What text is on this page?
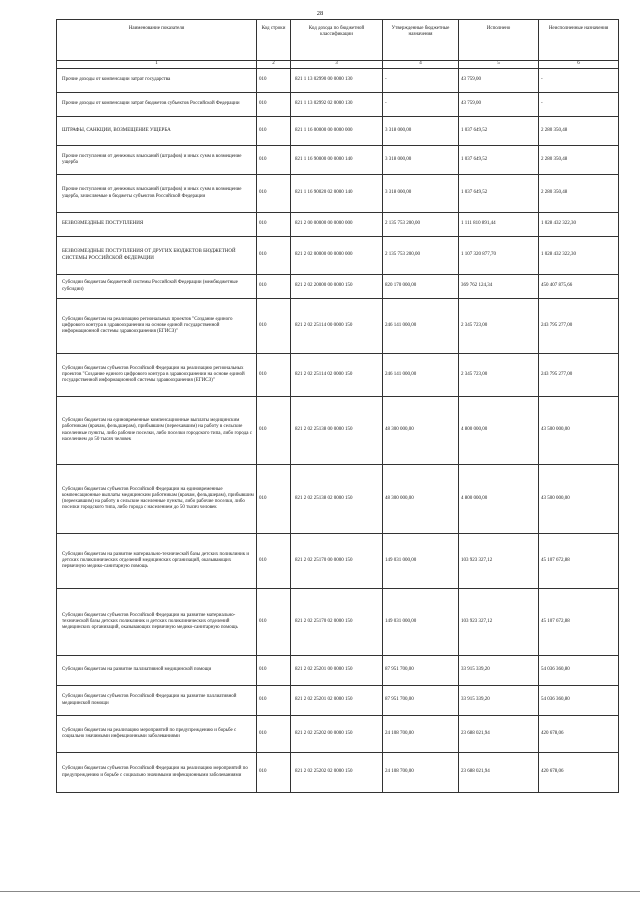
28
Наименование показателя	Код строки	Код дохода по бюджетной классификации	Утвержденные бюджетные назначения	Исполнено	Неисполненные назначения
1	2	3	4	5	6
Прочие доходы от компенсации затрат государства	010	821 1 13 02990 00 0000 130	-	43 759,00	-
Прочие доходы от компенсации затрат бюджетов субъектов Российской Федерации	010	821 1 13 02992 02 0000 130	-	43 759,00	-
ШТРАФЫ, САНКЦИИ, ВОЗМЕЩЕНИЕ УЩЕРБА	010	821 1 16 00000 00 0000 000	3 318 000,00	1 037 649,52	2 280 350,48
Прочие поступления от денежных взысканий (штрафов) и иных сумм в возмещение ущерба	010	821 1 16 90000 00 0000 140	3 318 000,00	1 037 649,52	2 280 350,48
Прочие поступления от денежных взысканий (штрафов) и иных сумм в возмещение ущерба, зачисляемые в бюджеты субъектов Российской Федерации	010	821 1 16 90020 02 0000 140	3 318 000,00	1 037 649,52	2 280 350,48
БЕЗВОЗМЕЗДНЫЕ ПОСТУПЛЕНИЯ	010	821 2 00 00000 00 0000 000	2 135 753 200,00	1 111 810 891,44	1 028 432 322,30
БЕЗВОЗМЕЗДНЫЕ ПОСТУПЛЕНИЯ ОТ ДРУГИХ БЮДЖЕТОВ БЮДЖЕТНОЙ СИСТЕМЫ РОССИЙСКОЙ ФЕДЕРАЦИИ	010	821 2 02 00000 00 0000 000	2 135 753 200,00	1 107 320 877,70	1 028 432 322,30
Субсидии бюджетам бюджетной системы Российской Федерации (межбюджетные субсидии)	010	821 2 02 20000 00 0000 150	820 170 000,00	369 762 124,34	450 407 875,66
Субсидии бюджетам на реализацию региональных проектов "Создание единого цифрового контура в здравоохранении на основе единой государственной информационной системы здравоохранения (ЕГИСЗ)"	010	821 2 02 25114 00 0000 150	246 141 000,00	2 345 723,00	243 795 277,00
Субсидии бюджетам субъектов Российской Федерации на реализацию региональных проектов "Создание единого цифрового контура в здравоохранении на основе единой государственной информационной системы здравоохранения (ЕГИСЗ)"	010	821 2 02 25114 02 0000 150	246 141 000,00	2 345 723,00	243 795 277,00
Субсидии бюджетам на единовременные компенсационные выплаты медицинским работникам (врачам, фельдшерам), прибывшим (переехавшим) на работу в сельские населенные пункты, либо рабочие поселки, либо поселки городского типа, либо города с населением до 50 тысяч человек	010	821 2 02 25138 00 0000 150	48 300 000,00	4 800 000,00	43 500 000,00
Субсидии бюджетам субъектов Российской Федерации на единовременные компенсационные выплаты медицинским работникам (врачам, фельдшерам), прибывшим (переехавшим) на работу в сельские населенные пункты, либо рабочие поселки, либо поселки городского типа, либо города с населением до 50 тысяч человек	010	821 2 02 25138 02 0000 150	48 300 000,00	4 800 000,00	43 500 000,00
Субсидии бюджетам на развитие материально-технической базы детских поликлиник и детских поликлинических отделений медицинских организаций, оказывающих первичную медико-санитарную помощь	010	821 2 02 25170 00 0000 150	149 031 000,00	103 923 327,12	45 107 672,88
Субсидии бюджетам субъектов Российской Федерации на развитие материально-технической базы детских поликлиник и детских поликлинических отделений медицинских организаций, оказывающих первичную медико-санитарную помощь	010	821 2 02 25170 02 0000 150	149 031 000,00	103 923 327,12	45 107 672,88
Субсидии бюджетам на развитие паллиативной медицинской помощи	010	821 2 02 25201 00 0000 150	87 951 700,00	33 915 339,20	54 036 360,80
Субсидии бюджетам субъектов Российской Федерации на развитие паллиативной медицинской помощи	010	821 2 02 25201 02 0000 150	87 951 700,00	33 915 339,20	54 036 360,80
Субсидии бюджетам на реализацию мероприятий по предупреждению и борьбе с социально значимыми инфекционными заболеваниями	010	821 2 02 25202 00 0000 150	24 108 700,00	23 688 021,94	420 678,06
Субсидии бюджетам субъектов Российской Федерации на реализацию мероприятий по предупреждению и борьбе с социально значимыми инфекционными заболеваниями	010	821 2 02 25202 02 0000 150	24 108 700,00	23 688 021,94	420 678,06
